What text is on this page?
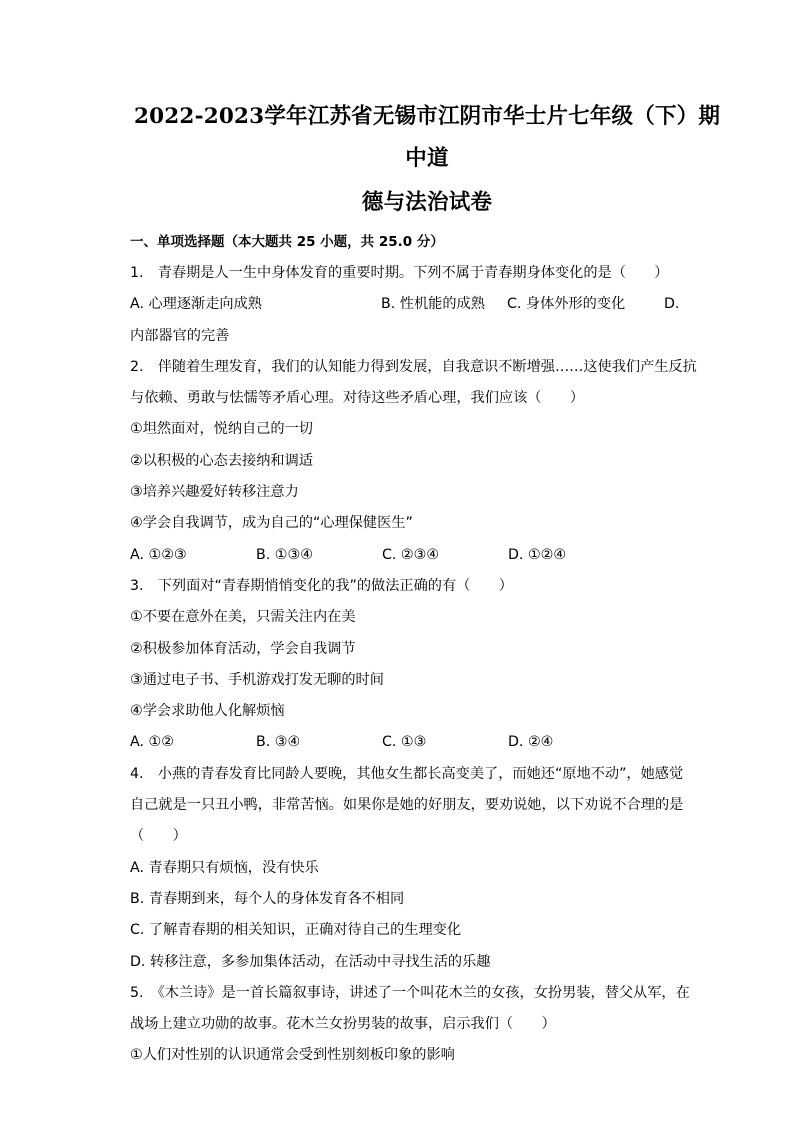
2022-2023学年江苏省无锡市江阴市华士片七年级（下）期中道
德与法治试卷
一、单项选择题（本大题共 25 小题，共 25.0 分）
1.　青春期是人一生中身体发育的重要时期。下列不属于青春期身体变化的是（　　）
A. 心理逐渐走向成熟	B. 性机能的成熟	C. 身体外形的变化	D.
内部器官的完善
2.　伴随着生理发育，我们的认知能力得到发展，自我意识不断增强……这使我们产生反抗
与依赖、勇敢与怯懦等矛盾心理。对待这些矛盾心理，我们应该（　　）
①坦然面对，悦纳自己的一切
②以积极的心态去接纳和调适
③培养兴趣爱好转移注意力
④学会自我调节，成为自己的“心理保健医生”
A. ①②③	B. ①③④	C. ②③④	D. ①②④
3.　下列面对“青春期悄悄变化的我”的做法正确的有（　　）
①不要在意外在美，只需关注内在美
②积极参加体育活动，学会自我调节
③通过电子书、手机游戏打发无聊的时间
④学会求助他人化解烦恼
A. ①②	B. ③④	C. ①③	D. ②④
4.　小燕的青春发育比同龄人要晚，其他女生都长高变美了，而她还“原地不动”，她感觉
自己就是一只丑小鸭，非常苦恼。如果你是她的好朋友，要劝说她，以下劝说不合理的是
（　　）
A. 青春期只有烦恼，没有快乐
B. 青春期到来，每个人的身体发育各不相同
C. 了解青春期的相关知识，正确对待自己的生理变化
D. 转移注意，多参加集体活动，在活动中寻找生活的乐趣
5.　《木兰诗》是一首长篇叙事诗，讲述了一个叫花木兰的女孩，女扮男装，替父从军，在
战场上建立功勋的故事。花木兰女扮男装的故事，启示我们（　　）
①人们对性别的认识通常会受到性别刻板印象的影响
